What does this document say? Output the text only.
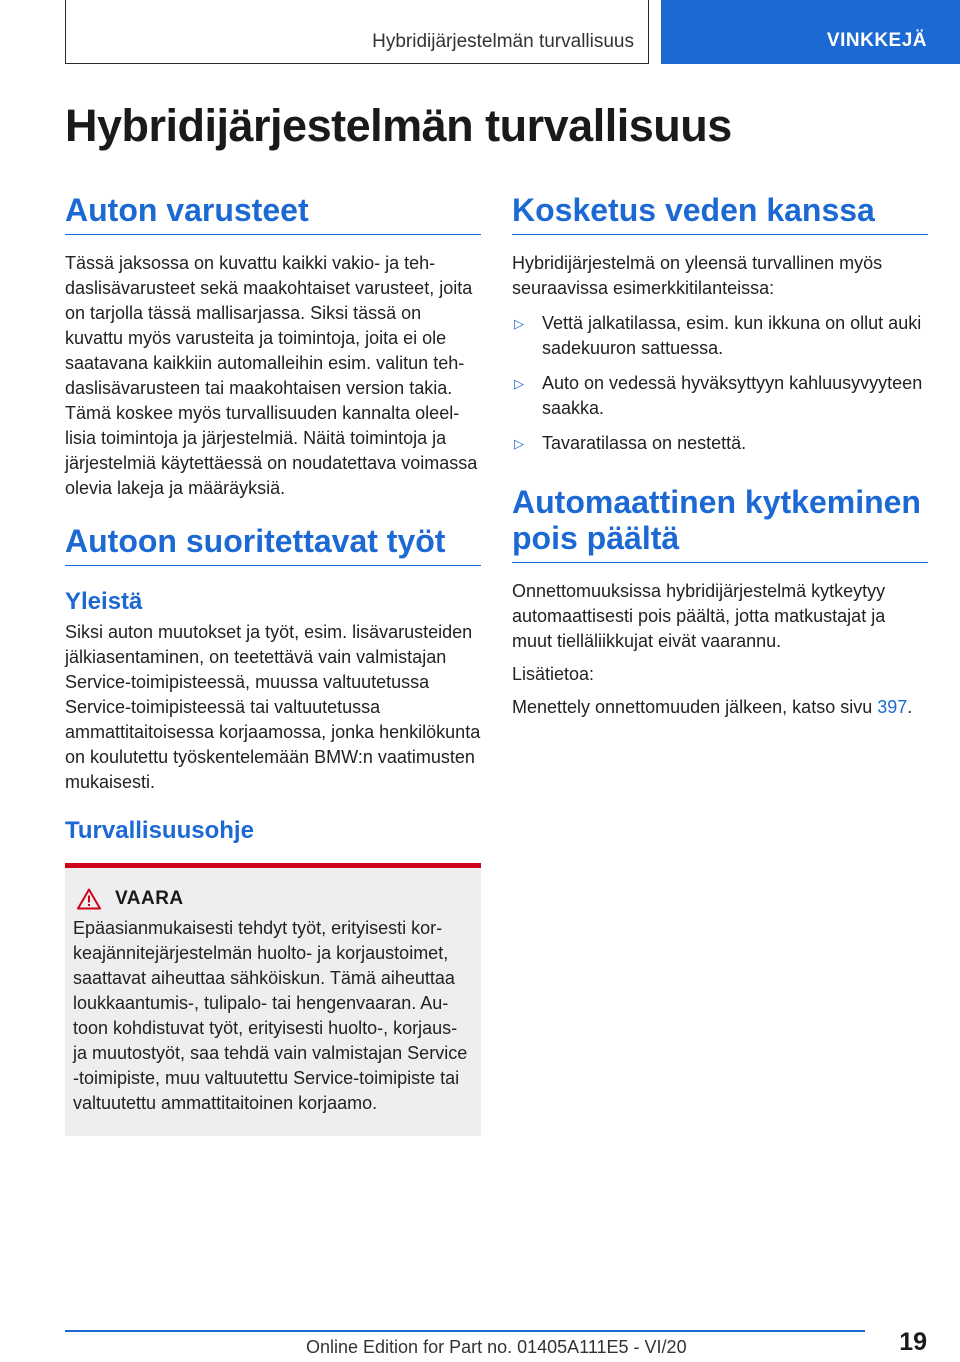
Hybridijärjestelmän turvallisuus	VINKKEJÄ
Hybridijärjestelmän turvallisuus
Auton varusteet

Tässä jaksossa on kuvattu kaikki vakio- ja tehdaslisävarusteet sekä maakohtaiset varusteet, joita on tarjolla tässä mallisarjassa. Siksi tässä on kuvattu myös varusteita ja toimintoja, joita ei ole saatavana kaikkiin automalleihin esim. valitun tehdaslisävarusteen tai maakohtaisen version takia. Tämä koskee myös turvallisuuden kannalta oleellisia toimintoja ja järjestelmiä. Näitä toimintoja ja järjestelmiä käytettäessä on noudatettava voimassa olevia lakeja ja määräyksiä.

Autoon suoritettavat työt
Yleistä

Siksi auton muutokset ja työt, esim. lisävarusteiden jälkiasentaminen, on teetettävä vain valmistajan Service-toimipisteessä, muussa valtuutetussa Service-toimipisteessä tai valtuutetussa ammattitaitoisessa korjaamossa, jonka henkilökunta on koulutettu työskentelemään BMW:n vaatimusten mukaisesti.

Turvallisuusohje
VAARA

Epäasianmukaisesti tehdyt työt, erityisesti korkeajännitejärjestelmän huolto- ja korjaustoimet, saattavat aiheuttaa sähköiskun. Tämä aiheuttaa loukkaantumis-, tulipalo- tai hengenvaaran. Autoon kohdistuvat työt, erityisesti huolto-, korjaus- ja muutostyöt, saa tehdä vain valmistajan Service -toimipiste, muu valtuutettu Service-toimipiste tai valtuutettu ammattitaitoinen korjaamo.

Kosketus veden kanssa

Hybridijärjestelmä on yleensä turvallinen myös seuraavissa esimerkkitilanteissa:

▷ Vettä jalkatilassa, esim. kun ikkuna on ollut auki sadekuuron sattuessa.
▷ Auto on vedessä hyväksyttyyn kahluusyvyyteen saakka.
▷ Tavaratilassa on nestettä.
Automaattinen kytkeminen pois päältä

Onnettomuuksissa hybridijärjestelmä kytkeytyy automaattisesti pois päältä, jotta matkustajat ja muut tielläliikkujat eivät vaarannu.

Lisätietoa:

Menettely onnettomuuden jälkeen, katso sivu 397.

19
Online Edition for Part no. 01405A111E5 - VI/20
